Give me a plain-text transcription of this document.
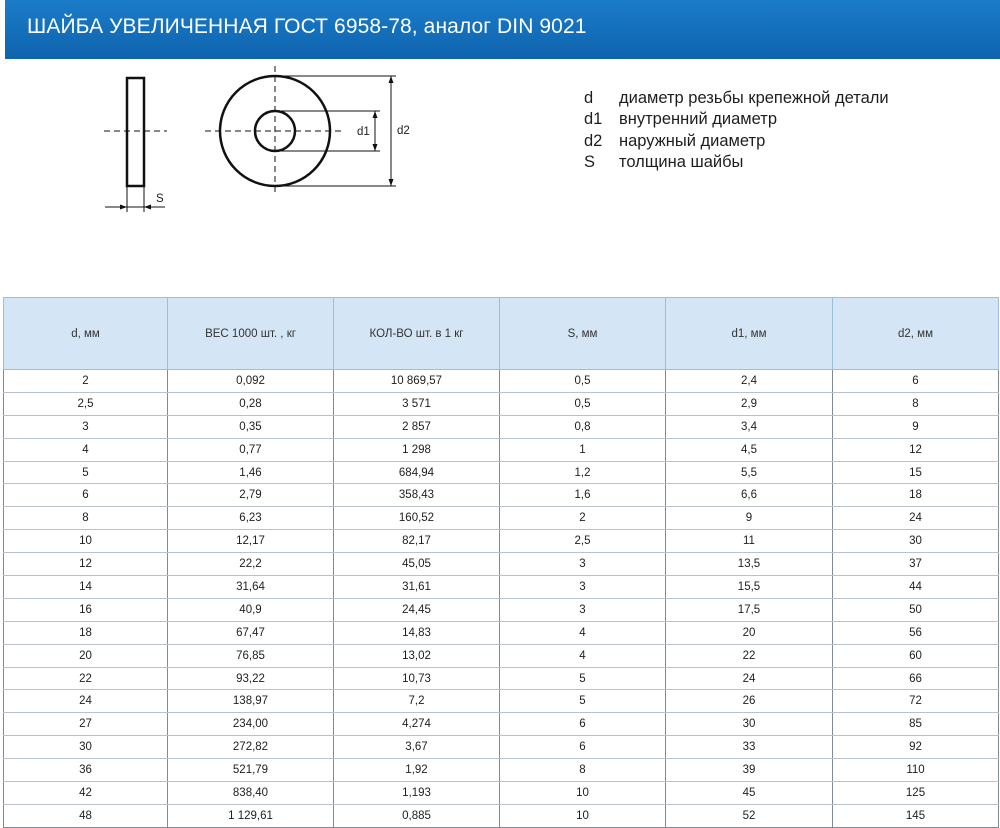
ШАЙБА УВЕЛИЧЕННАЯ ГОСТ 6958-78, аналог DIN 9021
S
d1 d2
d диаметр резьбы крепежной детали
d1 внутренний диаметр
d2 наружный диаметр
S толщина шайбы
d, мм	ВЕС 1000 шт. , кг	КОЛ-ВО шт. в 1 кг	S, мм	d1, мм	d2, мм
2	0,092	10 869,57	0,5	2,4	6
2,5	0,28	3 571	0,5	2,9	8
3	0,35	2 857	0,8	3,4	9
4	0,77	1 298	1	4,5	12
5	1,46	684,94	1,2	5,5	15
6	2,79	358,43	1,6	6,6	18
8	6,23	160,52	2	9	24
10	12,17	82,17	2,5	11	30
12	22,2	45,05	3	13,5	37
14	31,64	31,61	3	15,5	44
16	40,9	24,45	3	17,5	50
18	67,47	14,83	4	20	56
20	76,85	13,02	4	22	60
22	93,22	10,73	5	24	66
24	138,97	7,2	5	26	72
27	234,00	4,274	6	30	85
30	272,82	3,67	6	33	92
36	521,79	1,92	8	39	110
42	838,40	1,193	10	45	125
48	1 129,61	0,885	10	52	145
